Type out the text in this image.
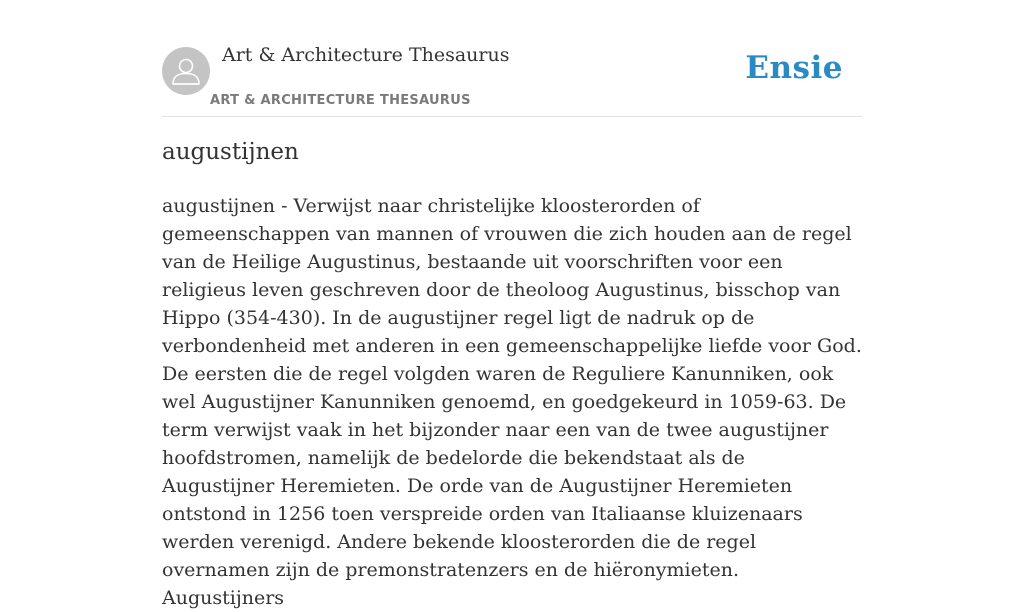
Art & Architecture Thesaurus
ART & ARCHITECTURE THESAURUS
Ensie
augustijnen

augustijnen - Verwijst naar christelijke kloosterorden of gemeenschappen van mannen of vrouwen die zich houden aan de regel van de Heilige Augustinus, bestaande uit voorschriften voor een religieus leven geschreven door de theoloog Augustinus, bisschop van Hippo (354-430). In de augustijner regel ligt de nadruk op de verbondenheid met anderen in een gemeenschappelijke liefde voor God. De eersten die de regel volgden waren de Reguliere Kanunniken, ook wel Augustijner Kanunniken genoemd, en goedgekeurd in 1059-63. De term verwijst vaak in het bijzonder naar een van de twee augustijner hoofdstromen, namelijk de bedelorde die bekendstaat als de Augustijner Heremieten. De orde van de Augustijner Heremieten ontstond in 1256 toen verspreide orden van Italiaanse kluizenaars werden verenigd. Andere bekende kloosterorden die de regel overnamen zijn de premonstratenzers en de hiëronymieten. Augustijners
